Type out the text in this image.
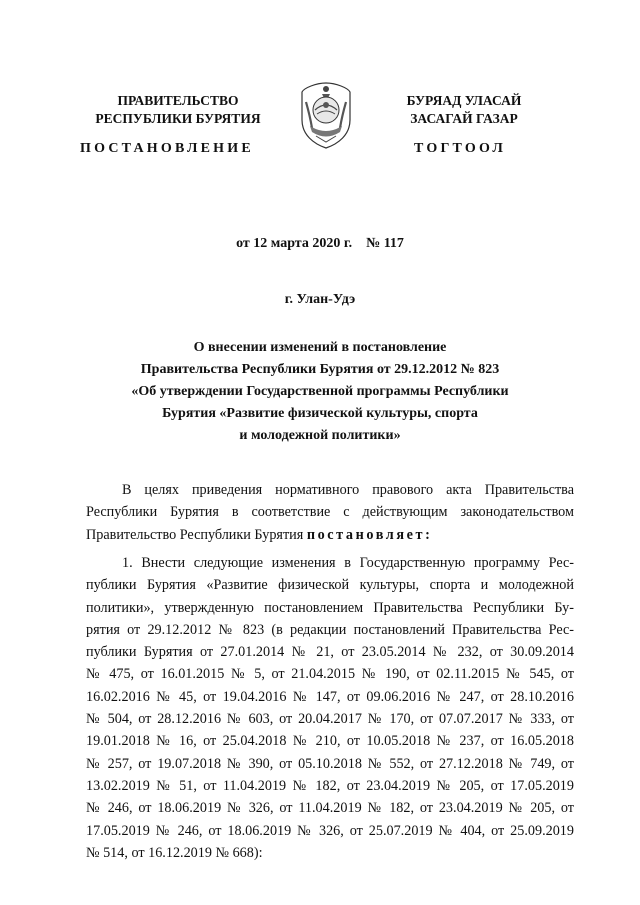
ПРАВИТЕЛЬСТВО
РЕСПУБЛИКИ БУРЯТИЯ
БУРЯАД УЛАСАЙ
ЗАСАГАЙ ГАЗАР
ПОСТАНОВЛЕНИЕ	ТОГТООЛ
от 12 марта 2020 г.    № 117
г. Улан-Удэ
О внесении изменений в постановление
Правительства Республики Бурятия от 29.12.2012 № 823
«Об утверждении Государственной программы Республики
Бурятия «Развитие физической культуры, спорта
и молодежной политики»
В целях приведения нормативного правового акта Правительства
Республики Бурятия в соответствие с действующим законодательством
Правительство Республики Бурятия постановляет:
1. Внести следующие изменения в Государственную программу Рес-
публики Бурятия «Развитие физической культуры, спорта и молодежной
политики», утвержденную постановлением Правительства Республики Бу-
рятия от 29.12.2012 № 823 (в редакции постановлений Правительства Рес-
публики Бурятия от 27.01.2014 № 21, от 23.05.2014 № 232, от 30.09.2014
№ 475, от 16.01.2015 № 5, от 21.04.2015 № 190, от 02.11.2015 № 545, от
16.02.2016 № 45, от 19.04.2016 № 147, от 09.06.2016 № 247, от 28.10.2016
№ 504, от 28.12.2016 № 603, от 20.04.2017 № 170, от 07.07.2017 № 333, от
19.01.2018 № 16, от 25.04.2018 № 210, от 10.05.2018 № 237, от 16.05.2018
№ 257, от 19.07.2018 № 390, от 05.10.2018 № 552, от 27.12.2018 № 749, от
13.02.2019 № 51, от 11.04.2019 № 182, от 23.04.2019 № 205, от 17.05.2019
№ 246, от 18.06.2019 № 326, от 11.04.2019 № 182, от 23.04.2019 № 205, от
17.05.2019 № 246, от 18.06.2019 № 326, от 25.07.2019 № 404, от 25.09.2019
№ 514, от 16.12.2019 № 668):
